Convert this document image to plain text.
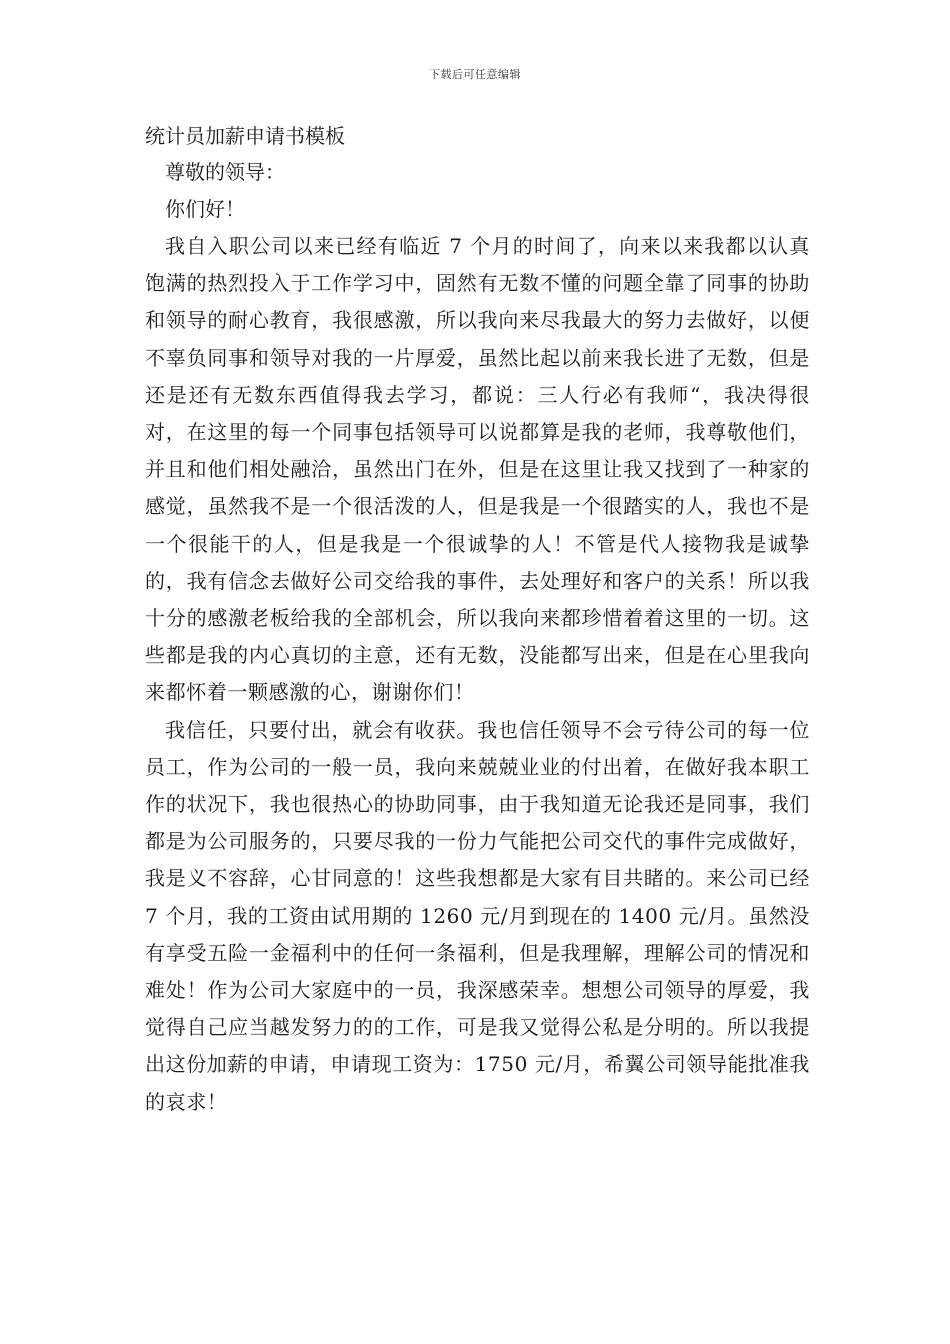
下载后可任意编辑

统计员加薪申请书模板

尊敬的领导：

你们好！

我自入职公司以来已经有临近 7 个月的时间了，向来以来我都以认真饱满的热烈投入于工作学习中，固然有无数不懂的问题全靠了同事的协助和领导的耐心教育，我很感激，所以我向来尽我最大的努力去做好，以便不辜负同事和领导对我的一片厚爱，虽然比起以前来我长进了无数，但是还是还有无数东西值得我去学习，都说：三人行必有我师“，我决得很对，在这里的每一个同事包括领导可以说都算是我的老师，我尊敬他们，并且和他们相处融洽，虽然出门在外，但是在这里让我又找到了一种家的感觉，虽然我不是一个很活泼的人，但是我是一个很踏实的人，我也不是一个很能干的人，但是我是一个很诚挚的人！不管是代人接物我是诚挚的，我有信念去做好公司交给我的事件，去处理好和客户的关系！所以我十分的感激老板给我的全部机会，所以我向来都珍惜着着这里的一切。这些都是我的内心真切的主意，还有无数，没能都写出来，但是在心里我向来都怀着一颗感激的心，谢谢你们！

我信任，只要付出，就会有收获。我也信任领导不会亏待公司的每一位员工，作为公司的一般一员，我向来兢兢业业的付出着，在做好我本职工作的状况下，我也很热心的协助同事，由于我知道无论我还是同事，我们都是为公司服务的，只要尽我的一份力气能把公司交代的事件完成做好，我是义不容辞，心甘同意的！这些我想都是大家有目共睹的。来公司已经 7 个月，我的工资由试用期的 1260 元/月到现在的 1400 元/月。虽然没有享受五险一金福利中的任何一条福利，但是我理解，理解公司的情况和难处！作为公司大家庭中的一员，我深感荣幸。想想公司领导的厚爱，我觉得自己应当越发努力的的工作，可是我又觉得公私是分明的。所以我提出这份加薪的申请，申请现工资为：1750 元/月，希翼公司领导能批准我的哀求！
